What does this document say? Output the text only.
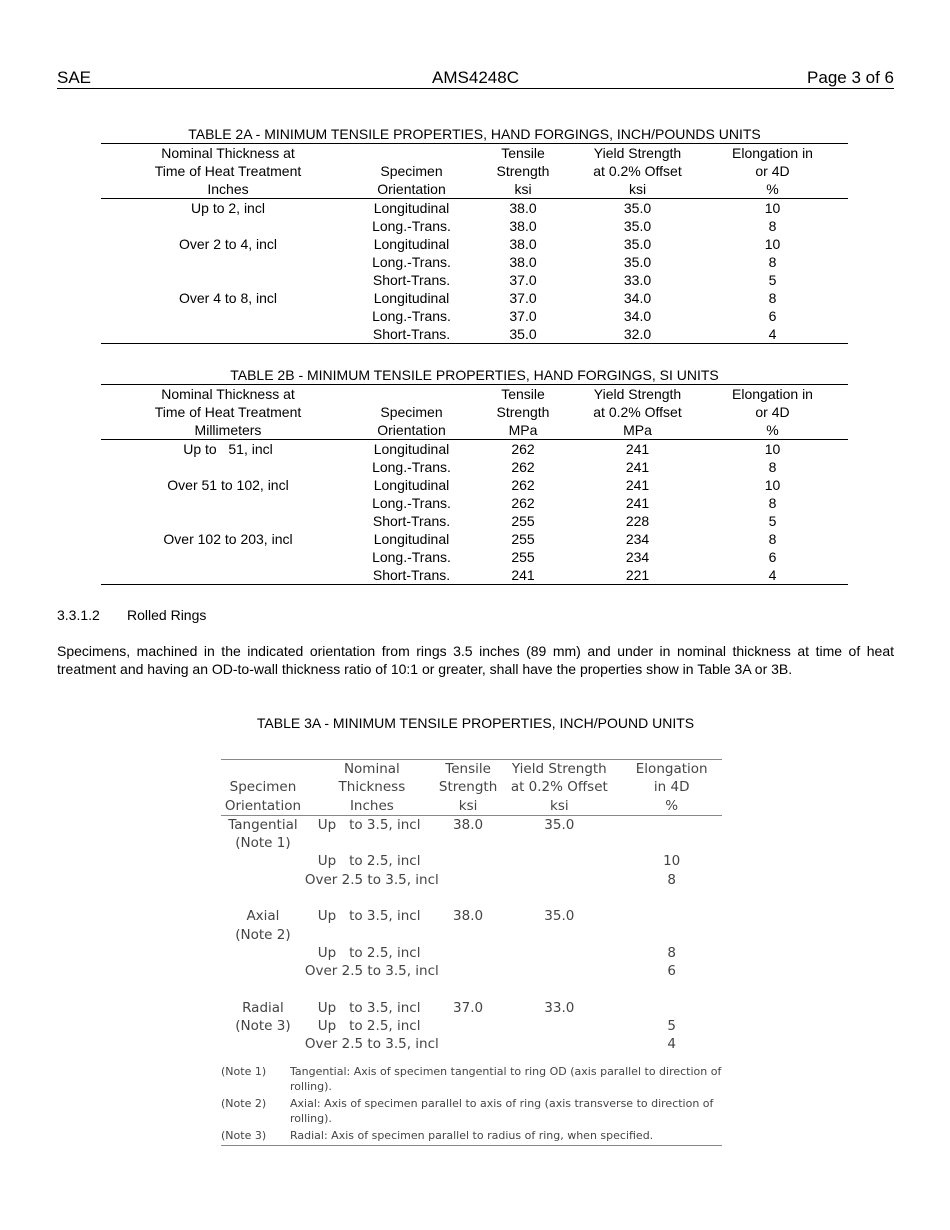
SAE	AMS4248C	Page 3 of 6
TABLE 2A - MINIMUM TENSILE PROPERTIES, HAND FORGINGS, INCH/POUNDS UNITS
Nominal Thickness at		Tensile	Yield Strength	Elongation in
Time of Heat Treatment	Specimen	Strength	at 0.2% Offset	or 4D
Inches	Orientation	ksi	ksi	%
Up to 2, incl	Longitudinal	38.0	35.0	10
	Long.-Trans.	38.0	35.0	8
Over 2 to 4, incl	Longitudinal	38.0	35.0	10
	Long.-Trans.	38.0	35.0	8
	Short-Trans.	37.0	33.0	5
Over 4 to 8, incl	Longitudinal	37.0	34.0	8
	Long.-Trans.	37.0	34.0	6
	Short-Trans.	35.0	32.0	4
TABLE 2B - MINIMUM TENSILE PROPERTIES, HAND FORGINGS, SI UNITS
Nominal Thickness at		Tensile	Yield Strength	Elongation in
Time of Heat Treatment	Specimen	Strength	at 0.2% Offset	or 4D
Millimeters	Orientation	MPa	MPa	%
Up to   51, incl	Longitudinal	262	241	10
	Long.-Trans.	262	241	8
Over 51 to 102, incl	Longitudinal	262	241	10
	Long.-Trans.	262	241	8
	Short-Trans.	255	228	5
Over 102 to 203, incl	Longitudinal	255	234	8
	Long.-Trans.	255	234	6
	Short-Trans.	241	221	4
3.3.1.2 Rolled Rings
Specimens, machined in the indicated orientation from rings 3.5 inches (89 mm) and under in nominal thickness at time of heat treatment and having an OD-to-wall thickness ratio of 10:1 or greater, shall have the properties show in Table 3A or 3B.
TABLE 3A - MINIMUM TENSILE PROPERTIES, INCH/POUND UNITS
	Nominal	Tensile	Yield Strength	Elongation
Specimen	Thickness	Strength	at 0.2% Offset	in 4D
Orientation	Inches	ksi	ksi	%
Tangential	Up   to 3.5, incl	38.0	35.0	
(Note 1)				
	Up   to 2.5, incl			10
	Over 2.5 to 3.5, incl			8

Axial	Up   to 3.5, incl	38.0	35.0	
(Note 2)				
	Up   to 2.5, incl			8
	Over 2.5 to 3.5, incl			6

Radial	Up   to 3.5, incl	37.0	33.0	
(Note 3)	Up   to 2.5, incl			5
	Over 2.5 to 3.5, incl			4
(Note 1)	Tangential: Axis of specimen tangential to ring OD (axis parallel to direction of rolling).
(Note 2)	Axial: Axis of specimen parallel to axis of ring (axis transverse to direction of rolling).
(Note 3)	Radial: Axis of specimen parallel to radius of ring, when specified.
